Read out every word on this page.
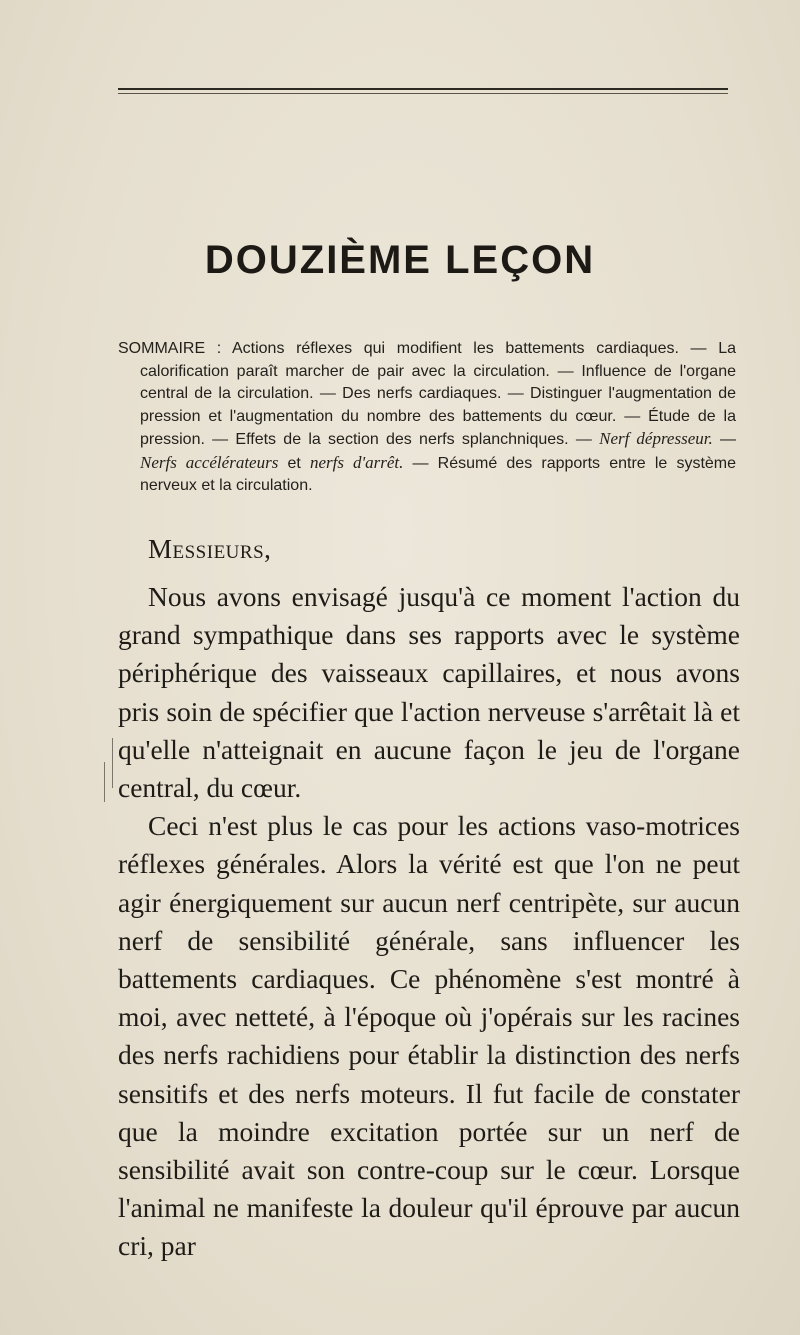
DOUZIÈME LEÇON

SOMMAIRE : Actions réflexes qui modifient les battements cardiaques. — La calorification paraît marcher de pair avec la circulation. — Influence de l'organe central de la circulation. — Des nerfs cardiaques. — Distinguer l'augmentation de pression et l'augmentation du nombre des battements du cœur. — Étude de la pression. — Effets de la section des nerfs splanchniques. — Nerf dépresseur. — Nerfs accélérateurs et nerfs d'arrêt. — Résumé des rapports entre le système nerveux et la circulation.

Messieurs,

Nous avons envisagé jusqu'à ce moment l'action du grand sympathique dans ses rapports avec le système périphérique des vaisseaux capillaires, et nous avons pris soin de spécifier que l'action nerveuse s'arrêtait là et qu'elle n'atteignait en aucune façon le jeu de l'organe central, du cœur.

Ceci n'est plus le cas pour les actions vaso-motrices réflexes générales. Alors la vérité est que l'on ne peut agir énergiquement sur aucun nerf centripète, sur aucun nerf de sensibilité générale, sans influencer les battements cardiaques. Ce phénomène s'est montré à moi, avec netteté, à l'époque où j'opérais sur les racines des nerfs rachidiens pour établir la distinction des nerfs sensitifs et des nerfs moteurs. Il fut facile de constater que la moindre excitation portée sur un nerf de sensibilité avait son contre-coup sur le cœur. Lorsque l'animal ne manifeste la douleur qu'il éprouve par aucun cri, par
